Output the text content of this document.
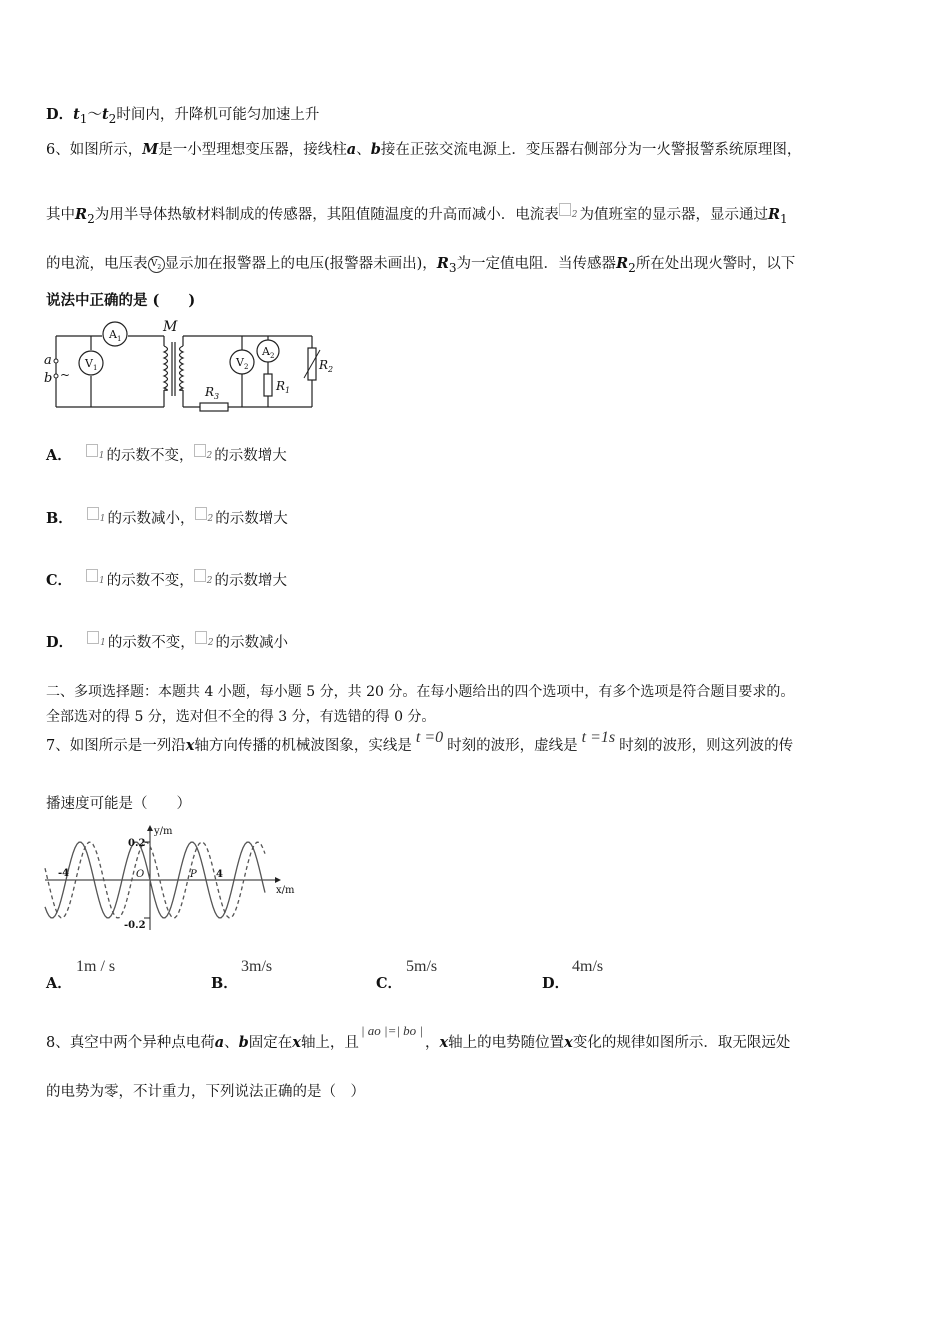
D．$t_1\sim t_2$时间内，升降机可能匀加速上升
6、如图所示，M是一小型理想变压器，接线柱a、b接在正弦交流电源上．变压器右侧部分为一火警报警系统原理图，
其中$R_2$为用半导体热敏材料制成的传感器，其阻值随温度的升高而减小．电流表 $^2$ 为值班室的显示器，显示通过$R_1$
的电流，电压表 $V_2$ 显示加在报警器上的电压(报警器未画出)，$R_3$为一定值电阻．当传感器$R_2$所在处出现火警时，以下
说法中正确的是 (　　)
$A_1$
$V_1$	$V_2$
$A_2$
~
a
b
M
$R_1$
$R_2$
$R_3$
A．	$^1$ 的示数不变， $^2$ 的示数增大
B．	$^1$ 的示数减小， $^2$ 的示数增大
C．	$^1$ 的示数不变， $^2$ 的示数增大
D．	$^1$ 的示数不变， $^2$ 的示数减小
二、多项选择题：本题共 4 小题，每小题 5 分，共 20 分。在每小题给出的四个选项中，有多个选项是符合题目要求的。
全部选对的得 5 分，选对但不全的得 3 分，有选错的得 0 分。
7、如图所示是一列沿x轴方向传播的机械波图象，实线是 t =0 时刻的波形，虚线是 t =1s 时刻的波形，则这列波的传
播速度可能是（　　）
y/m
x/m
0.2
-0.2
-4	O	P 4
A．
1m / s
B．
3m/s
C．
5m/s
D．
4m/s
8、真空中两个异种点电荷a、b固定在x轴上，且| ao |=| bo |，x轴上的电势随位置x变化的规律如图所示．取无限远处
的电势为零，不计重力，下列说法正确的是（　）
